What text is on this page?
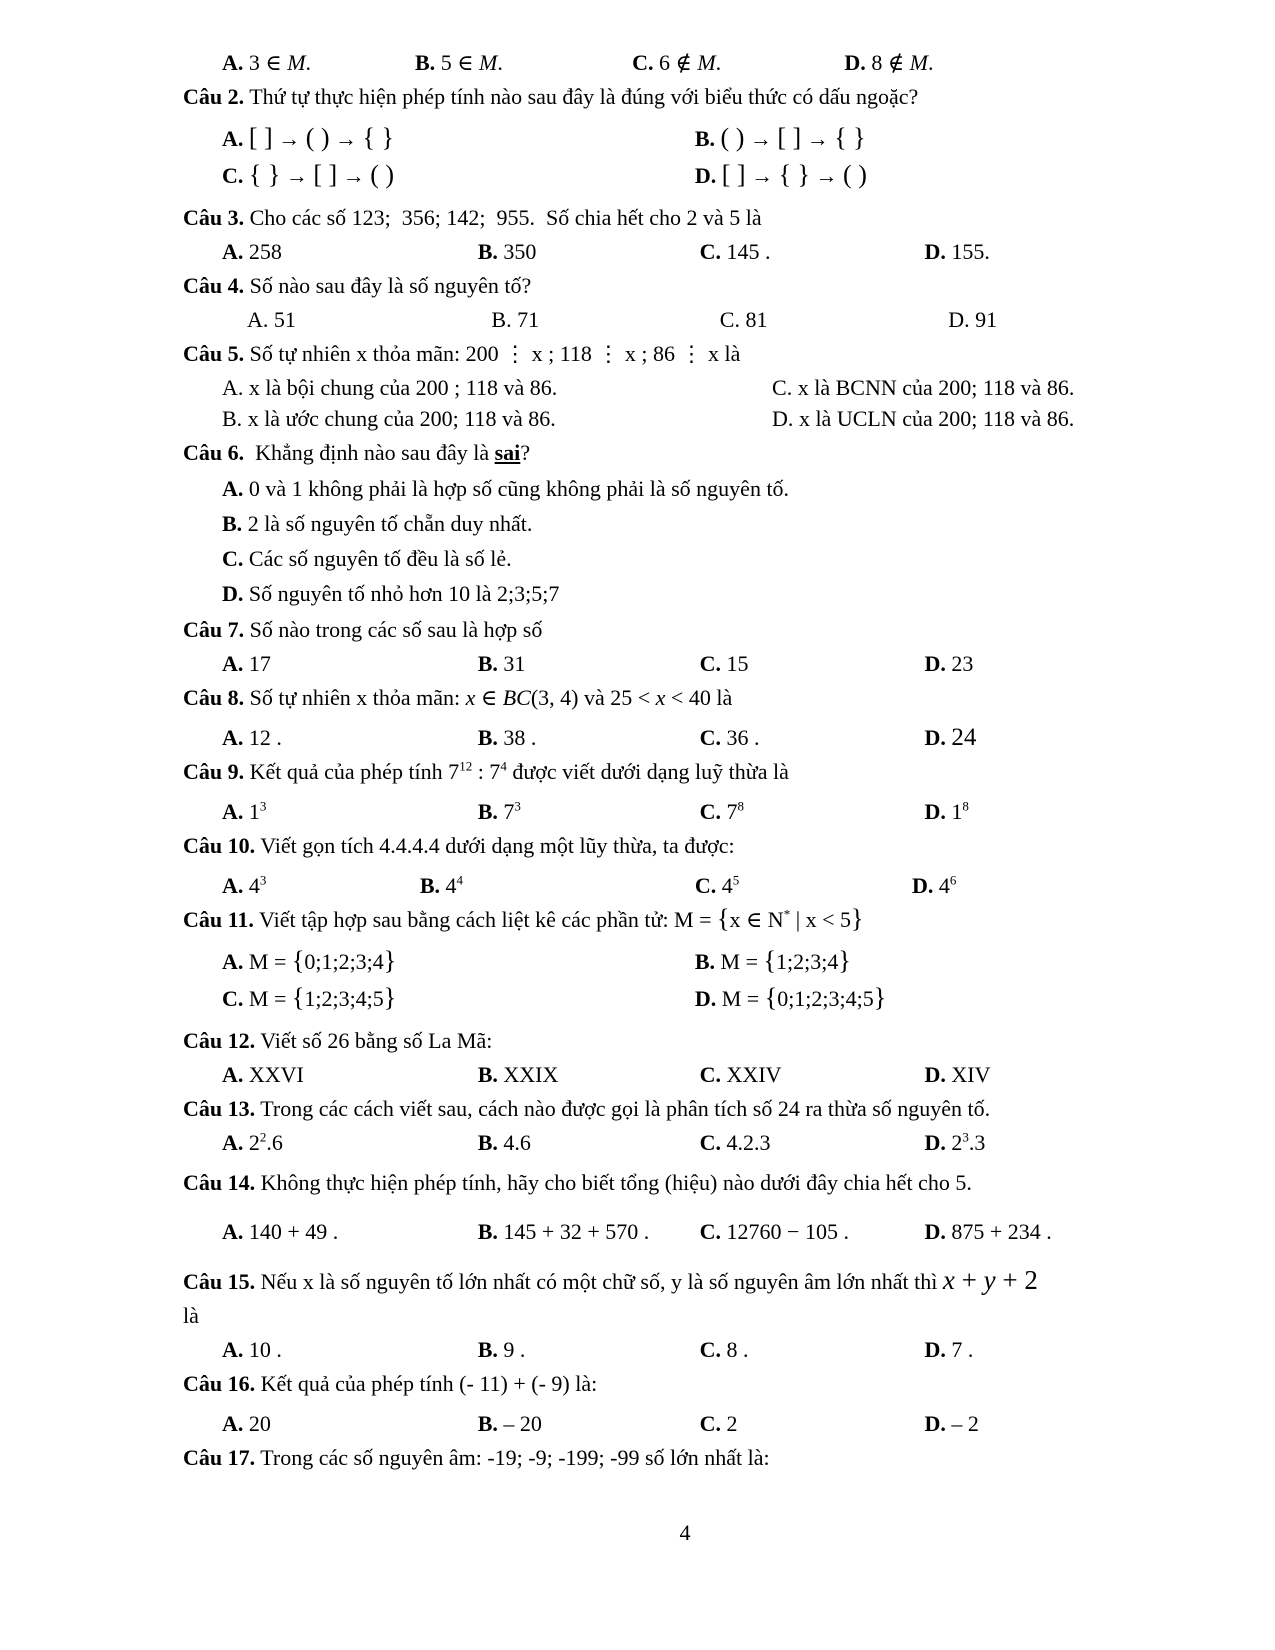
A. 3 ∈ M.	B. 5 ∈ M.	C. 6 ∉ M.	D. 8 ∉ M.
Câu 2. Thứ tự thực hiện phép tính nào sau đây là đúng với biểu thức có dấu ngoặc?
A. [ ] → ( ) → { }	B. ( ) → [ ] → { }
C. { } → [ ] → ( )	D. [ ] → { } → ( )
Câu 3. Cho các số 123;  356; 142;  955.  Số chia hết cho 2 và 5 là
A. 258	B. 350	C. 145 .	D. 155.
Câu 4. Số nào sau đây là số nguyên tố?
A. 51	B. 71	C. 81	D. 91
Câu 5. Số tự nhiên x thỏa mãn: 200 ⋮ x ; 118 ⋮ x ; 86 ⋮ x là
A. x là bội chung của 200 ; 118 và 86.	C. x là BCNN của 200; 118 và 86.
B. x là ước chung của 200; 118 và 86.	D. x là UCLN của 200; 118 và 86.
Câu 6.  Khẳng định nào sau đây là sai?
A. 0 và 1 không phải là hợp số cũng không phải là số nguyên tố.
B. 2 là số nguyên tố chẵn duy nhất.
C. Các số nguyên tố đều là số lẻ.
D. Số nguyên tố nhỏ hơn 10 là 2;3;5;7
Câu 7. Số nào trong các số sau là hợp số
A. 17	B. 31	C. 15	D. 23
Câu 8. Số tự nhiên x thỏa mãn: x ∈ BC(3, 4) và 25 < x < 40 là
A. 12 .	B. 38 .	C. 36 .	D. 24
Câu 9. Kết quả của phép tính $7^{12}$ : $7^4$ được viết dưới dạng luỹ thừa là
A. $1^3$	B. $7^3$	C. $7^8$	D. $1^8$
Câu 10. Viết gọn tích 4.4.4.4 dưới dạng một lũy thừa, ta được:
A. $4^3$	B. $4^4$	C. $4^5$	D. $4^6$
Câu 11. Viết tập hợp sau bằng cách liệt kê các phần tử: M = {x ∈ N* | x < 5}
A. M = {0;1;2;3;4}	B. M = {1;2;3;4}
C. M = {1;2;3;4;5}	D. M = {0;1;2;3;4;5}
Câu 12. Viết số 26 bằng số La Mã:
A. XXVI	B. XXIX	C. XXIV	D. XIV
Câu 13. Trong các cách viết sau, cách nào được gọi là phân tích số 24 ra thừa số nguyên tố.
A. $2^2.6$	B. 4.6	C. 4.2.3	D. $2^3.3$
Câu 14. Không thực hiện phép tính, hãy cho biết tổng (hiệu) nào dưới đây chia hết cho 5.
A. 140 + 49 .	B. 145 + 32 + 570 .	C. 12760 − 105 .	D. 875 + 234 .
Câu 15. Nếu x là số nguyên tố lớn nhất có một chữ số, y là số nguyên âm lớn nhất thì x + y + 2
là
A. 10 .	B. 9 .	C. 8 .	D. 7 .
Câu 16. Kết quả của phép tính (- 11) + (- 9) là:
A. 20	B. – 20	C. 2	D. – 2
Câu 17. Trong các số nguyên âm: -19; -9; -199; -99 số lớn nhất là:
4
